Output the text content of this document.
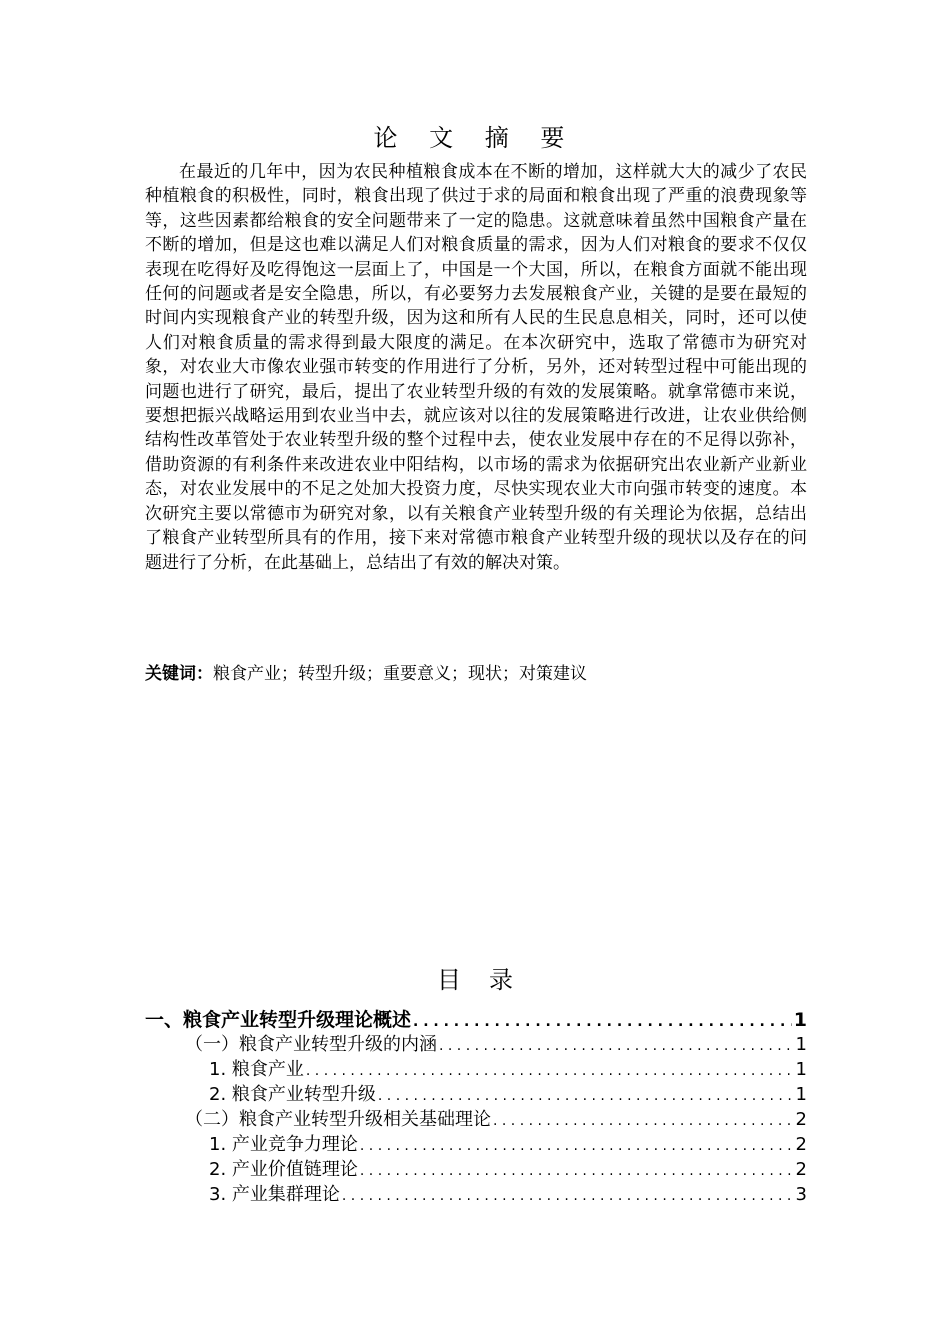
论 文 摘 要

在最近的几年中，因为农民种植粮食成本在不断的增加，这样就大大的减少了农民种植粮食的积极性，同时，粮食出现了供过于求的局面和粮食出现了严重的浪费现象等等，这些因素都给粮食的安全问题带来了一定的隐患。这就意味着虽然中国粮食产量在不断的增加，但是这也难以满足人们对粮食质量的需求，因为人们对粮食的要求不仅仅表现在吃得好及吃得饱这一层面上了，中国是一个大国，所以，在粮食方面就不能出现任何的问题或者是安全隐患，所以，有必要努力去发展粮食产业，关键的是要在最短的时间内实现粮食产业的转型升级，因为这和所有人民的生民息息相关，同时，还可以使人们对粮食质量的需求得到最大限度的满足。在本次研究中，选取了常德市为研究对象，对农业大市像农业强市转变的作用进行了分析，另外，还对转型过程中可能出现的问题也进行了研究，最后，提出了农业转型升级的有效的发展策略。就拿常德市来说，要想把振兴战略运用到农业当中去，就应该对以往的发展策略进行改进，让农业供给侧结构性改革管处于农业转型升级的整个过程中去，使农业发展中存在的不足得以弥补，借助资源的有利条件来改进农业中阳结构，以市场的需求为依据研究出农业新产业新业态，对农业发展中的不足之处加大投资力度，尽快实现农业大市向强市转变的速度。本次研究主要以常德市为研究对象，以有关粮食产业转型升级的有关理论为依据，总结出了粮食产业转型所具有的作用，接下来对常德市粮食产业转型升级的现状以及存在的问题进行了分析，在此基础上，总结出了有效的解决对策。

关键词：粮食产业；转型升级；重要意义；现状；对策建议

目 录
一、粮食产业转型升级理论概述 . . .	1
（一）粮食产业转型升级的内涵 . . .	1
1. 粮食产业 . . .	1
2. 粮食产业转型升级 . . .	1
（二）粮食产业转型升级相关基础理论 . . .	2
1. 产业竞争力理论 . . .	2
2. 产业价值链理论 . . .	2
3. 产业集群理论 . . .	3
